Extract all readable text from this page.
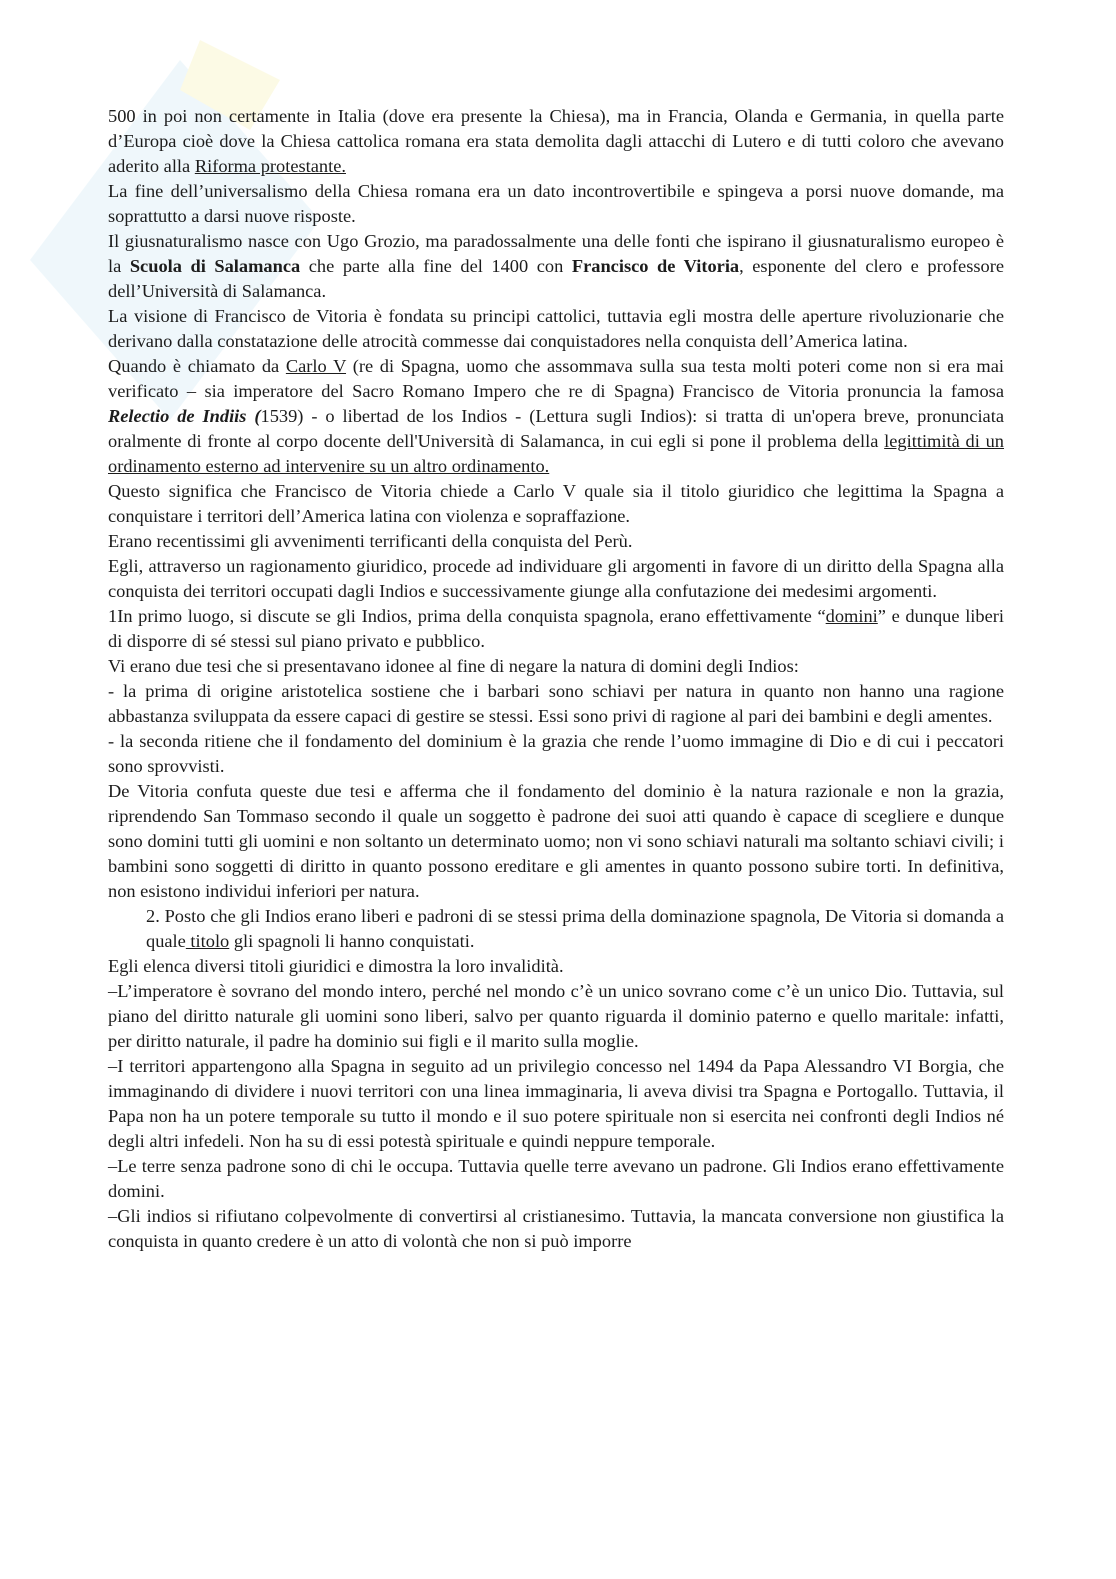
500 in poi non certamente in Italia (dove era presente la Chiesa), ma in Francia, Olanda e Germania, in quella parte d’Europa cioè dove la Chiesa cattolica romana era stata demolita dagli attacchi di Lutero e di tutti coloro che avevano aderito alla Riforma protestante.

La fine dell’universalismo della Chiesa romana era un dato incontrovertibile e spingeva a porsi nuove domande, ma soprattutto a darsi nuove risposte.

Il giusnaturalismo nasce con Ugo Grozio, ma paradossalmente una delle fonti che ispirano il giusnaturalismo europeo è la Scuola di Salamanca che parte alla fine del 1400 con Francisco de Vitoria, esponente del clero e professore dell’Università di Salamanca.

La visione di Francisco de Vitoria è fondata su principi cattolici, tuttavia egli mostra delle aperture rivoluzionarie che derivano dalla constatazione delle atrocità commesse dai conquistadores nella conquista dell’America latina.

Quando è chiamato da Carlo V (re di Spagna, uomo che assommava sulla sua testa molti poteri come non si era mai verificato – sia imperatore del Sacro Romano Impero che re di Spagna) Francisco de Vitoria pronuncia la famosa Relectio de Indiis (1539) - o libertad de los Indios - (Lettura sugli Indios): si tratta di un'opera breve, pronunciata oralmente di fronte al corpo docente dell'Università di Salamanca, in cui egli si pone il problema della legittimità di un ordinamento esterno ad intervenire su un altro ordinamento.

Questo significa che Francisco de Vitoria chiede a Carlo V quale sia il titolo giuridico che legittima la Spagna a conquistare i territori dell’America latina con violenza e sopraffazione.

Erano recentissimi gli avvenimenti terrificanti della conquista del Perù.

Egli, attraverso un ragionamento giuridico, procede ad individuare gli argomenti in favore di un diritto della Spagna alla conquista dei territori occupati dagli Indios e successivamente giunge alla confutazione dei medesimi argomenti.

1In primo luogo, si discute se gli Indios, prima della conquista spagnola, erano effettivamente “domini” e dunque liberi di disporre di sé stessi sul piano privato e pubblico.

Vi erano due tesi che si presentavano idonee al fine di negare la natura di domini degli Indios:

- la prima di origine aristotelica sostiene che i barbari sono schiavi per natura in quanto non hanno una ragione abbastanza sviluppata da essere capaci di gestire se stessi. Essi sono privi di ragione al pari dei bambini e degli amentes.

- la seconda ritiene che il fondamento del dominium è la grazia che rende l’uomo immagine di Dio e di cui i peccatori sono sprovvisti.

De Vitoria confuta queste due tesi e afferma che il fondamento del dominio è la natura razionale e non la grazia, riprendendo San Tommaso secondo il quale un soggetto è padrone dei suoi atti quando è capace di scegliere e dunque sono domini tutti gli uomini e non soltanto un determinato uomo; non vi sono schiavi naturali ma soltanto schiavi civili; i bambini sono soggetti di diritto in quanto possono ereditare e gli amentes in quanto possono subire torti. In definitiva, non esistono individui inferiori per natura.

2. Posto che gli Indios erano liberi e padroni di se stessi prima della dominazione spagnola, De Vitoria si domanda a quale titolo gli spagnoli li hanno conquistati.

Egli elenca diversi titoli giuridici e dimostra la loro invalidità.

–L’imperatore è sovrano del mondo intero, perché nel mondo c’è un unico sovrano come c’è un unico Dio. Tuttavia, sul piano del diritto naturale gli uomini sono liberi, salvo per quanto riguarda il dominio paterno e quello maritale: infatti, per diritto naturale, il padre ha dominio sui figli e il marito sulla moglie.

–I territori appartengono alla Spagna in seguito ad un privilegio concesso nel 1494 da Papa Alessandro VI Borgia, che immaginando di dividere i nuovi territori con una linea immaginaria, li aveva divisi tra Spagna e Portogallo. Tuttavia, il Papa non ha un potere temporale su tutto il mondo e il suo potere spirituale non si esercita nei confronti degli Indios né degli altri infedeli. Non ha su di essi potestà spirituale e quindi neppure temporale.

–Le terre senza padrone sono di chi le occupa. Tuttavia quelle terre avevano un padrone. Gli Indios erano effettivamente domini.

–Gli indios si rifiutano colpevolmente di convertirsi al cristianesimo. Tuttavia, la mancata conversione non giustifica la conquista in quanto credere è un atto di volontà che non si può imporre
